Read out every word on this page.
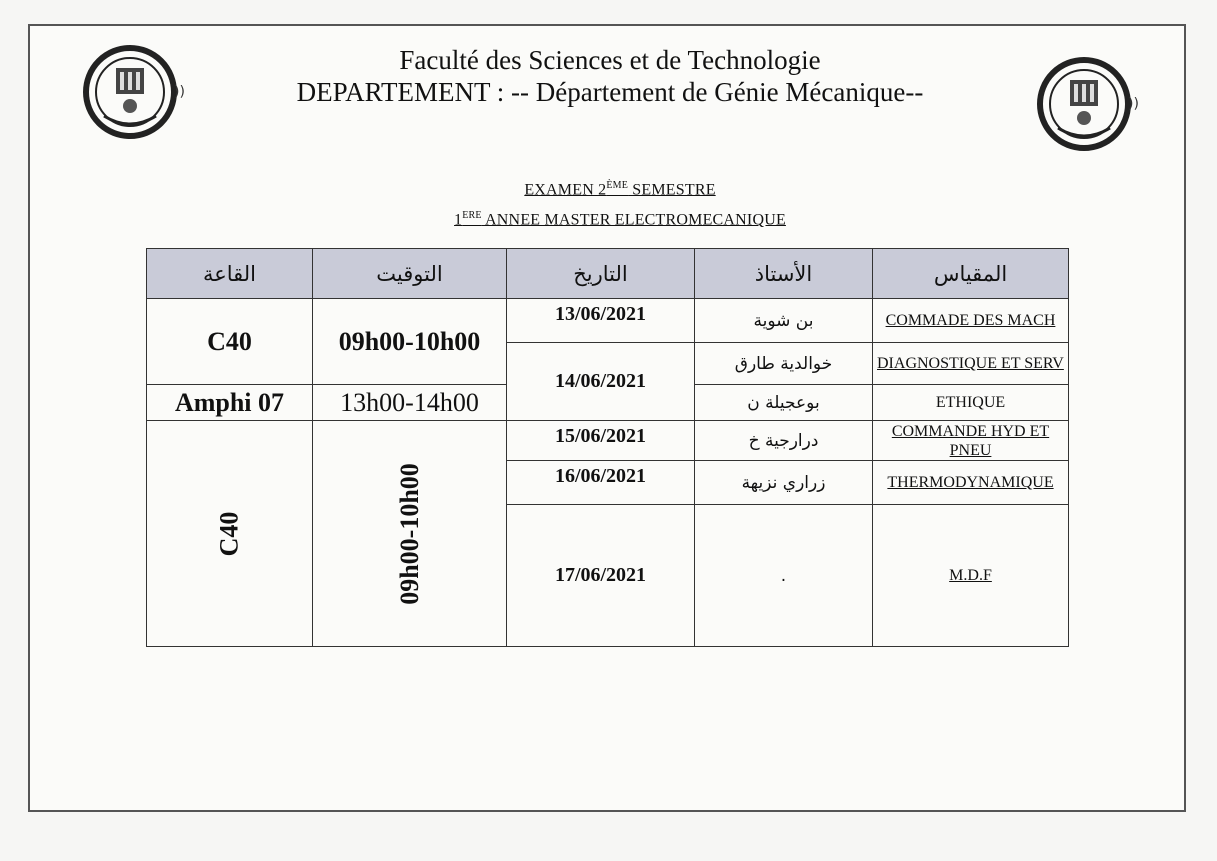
))
))
Faculté des Sciences et de Technologie
DEPARTEMENT : -- Département de Génie Mécanique--
EXAMEN 2ÈME SEMESTRE
1ERE ANNEE MASTER ELECTROMECANIQUE
القاعة	التوقيت	التاريخ	الأستاذ	المقياس
C40	09h00-10h00	13/06/2021	بن شوية	COMMADE DES MACH
		14/06/2021	خوالدية طارق	DIAGNOSTIQUE ET SERV
Amphi 07	13h00-14h00		بوعجيلة ن	ETHIQUE
C40	09h00-10h00	15/06/2021	درارجية خ	COMMANDE HYD ET PNEU
		16/06/2021	زراري نزيهة	THERMODYNAMIQUE
		17/06/2021	.	M.D.F
